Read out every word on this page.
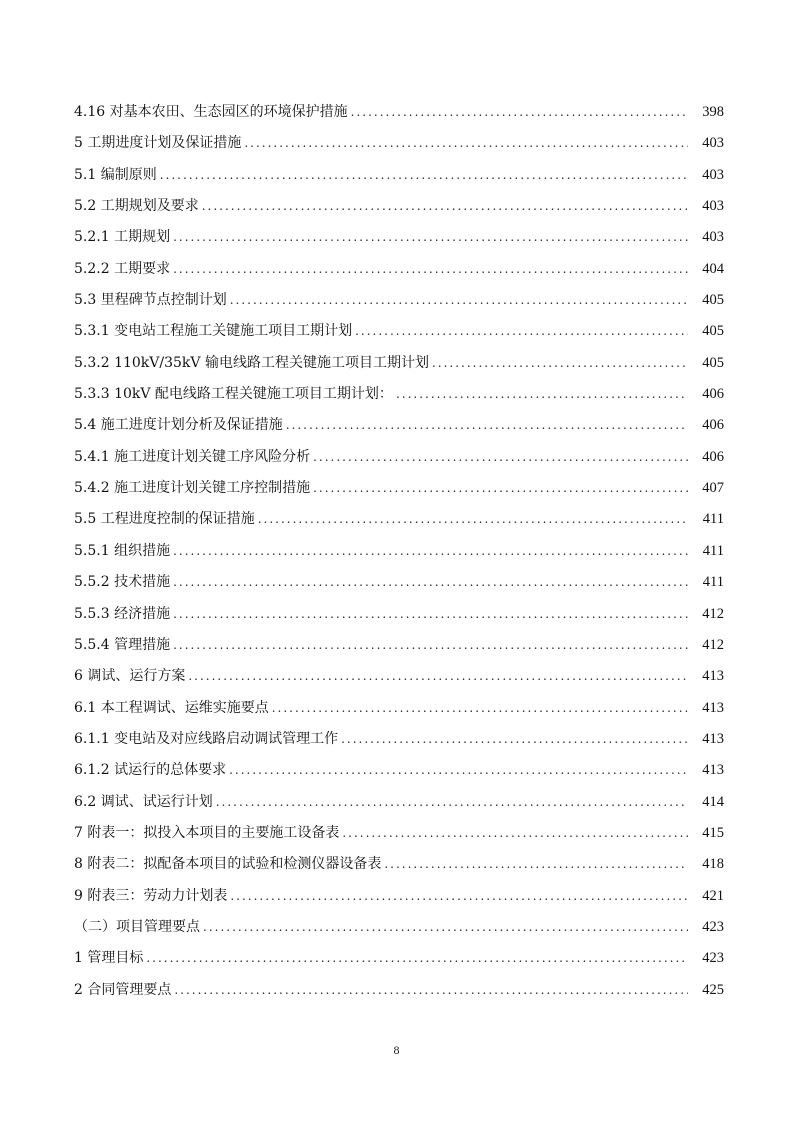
4.16 对基本农田、生态园区的环境保护措施 .....	398
5 工期进度计划及保证措施 .....	403
5.1 编制原则 .....	403
5.2 工期规划及要求 .....	403
5.2.1 工期规划 .....	403
5.2.2 工期要求 .....	404
5.3 里程碑节点控制计划 .....	405
5.3.1 变电站工程施工关键施工项目工期计划 .....	405
5.3.2 110kV/35kV 输电线路工程关键施工项目工期计划 .....	405
5.3.3 10kV 配电线路工程关键施工项目工期计划： .....	406
5.4 施工进度计划分析及保证措施 .....	406
5.4.1 施工进度计划关键工序风险分析 .....	406
5.4.2 施工进度计划关键工序控制措施 .....	407
5.5 工程进度控制的保证措施 .....	411
5.5.1 组织措施 .....	411
5.5.2 技术措施 .....	411
5.5.3 经济措施 .....	412
5.5.4 管理措施 .....	412
6 调试、运行方案 .....	413
6.1 本工程调试、运维实施要点 .....	413
6.1.1 变电站及对应线路启动调试管理工作 .....	413
6.1.2 试运行的总体要求 .....	413
6.2 调试、试运行计划 .....	414
7 附表一：拟投入本项目的主要施工设备表 .....	415
8 附表二：拟配备本项目的试验和检测仪器设备表 .....	418
9 附表三：劳动力计划表 .....	421
（二）项目管理要点 .....	423
1 管理目标 .....	423
2 合同管理要点 .....	425
8
